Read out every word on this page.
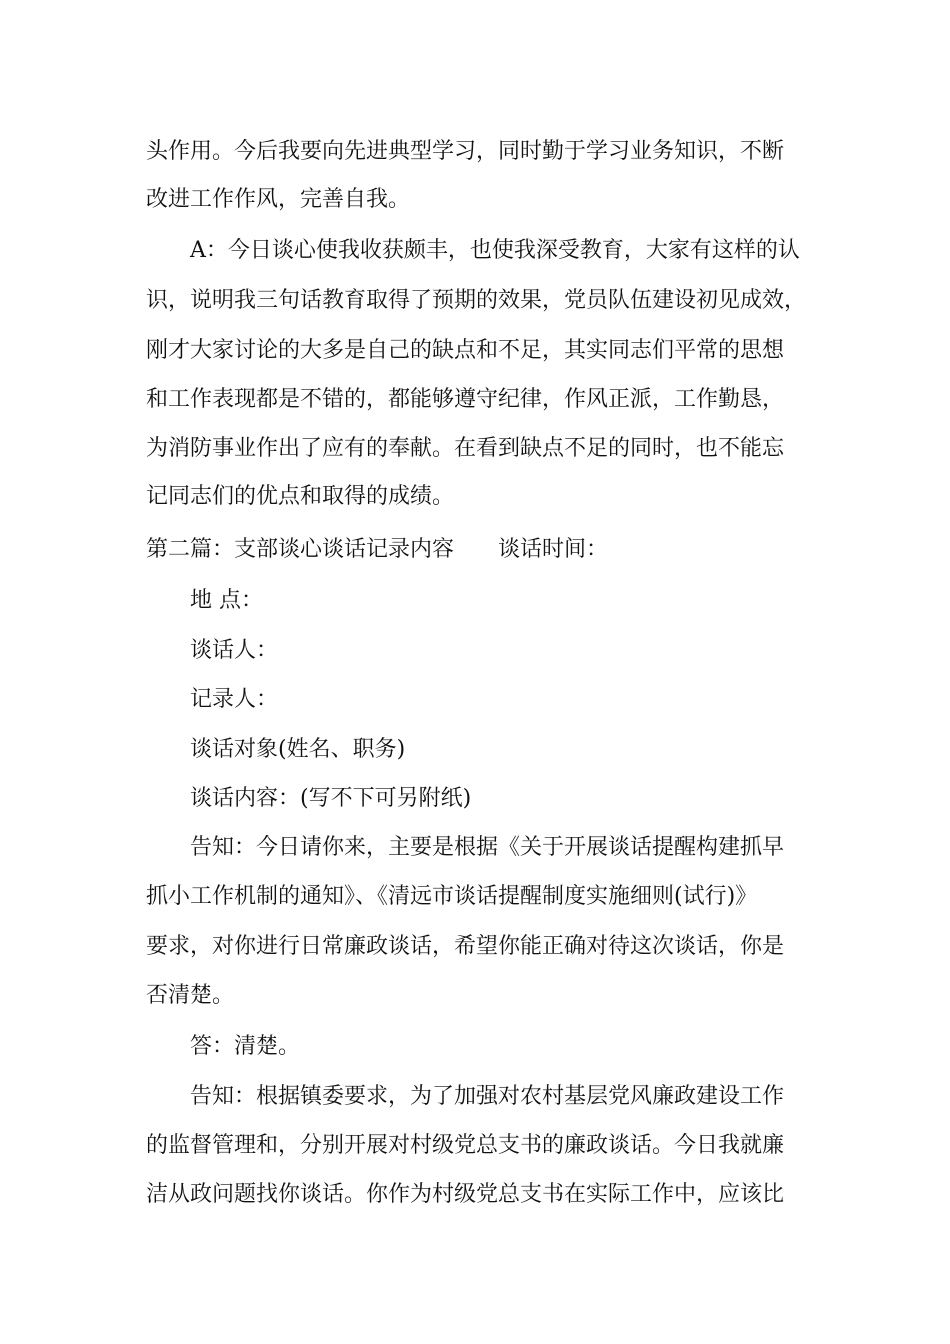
头作用。今后我要向先进典型学习，同时勤于学习业务知识，不断
改进工作作风，完善自我。
A：今日谈心使我收获颇丰，也使我深受教育，大家有这样的认
识，说明我三句话教育取得了预期的效果，党员队伍建设初见成效，
刚才大家讨论的大多是自己的缺点和不足，其实同志们平常的思想
和工作表现都是不错的，都能够遵守纪律，作风正派，工作勤恳，
为消防事业作出了应有的奉献。在看到缺点不足的同时，也不能忘
记同志们的优点和取得的成绩。
第二篇：支部谈心谈话记录内容　　谈话时间：
地 点：
谈话人：
记录人：
谈话对象(姓名、职务)
谈话内容：(写不下可另附纸)
告知：今日请你来，主要是根据《关于开展谈话提醒构建抓早
抓小工作机制的通知》、《清远市谈话提醒制度实施细则(试行)》
要求，对你进行日常廉政谈话，希望你能正确对待这次谈话，你是
否清楚。
答：清楚。
告知：根据镇委要求，为了加强对农村基层党风廉政建设工作
的监督管理和，分别开展对村级党总支书的廉政谈话。今日我就廉
洁从政问题找你谈话。你作为村级党总支书在实际工作中，应该比
